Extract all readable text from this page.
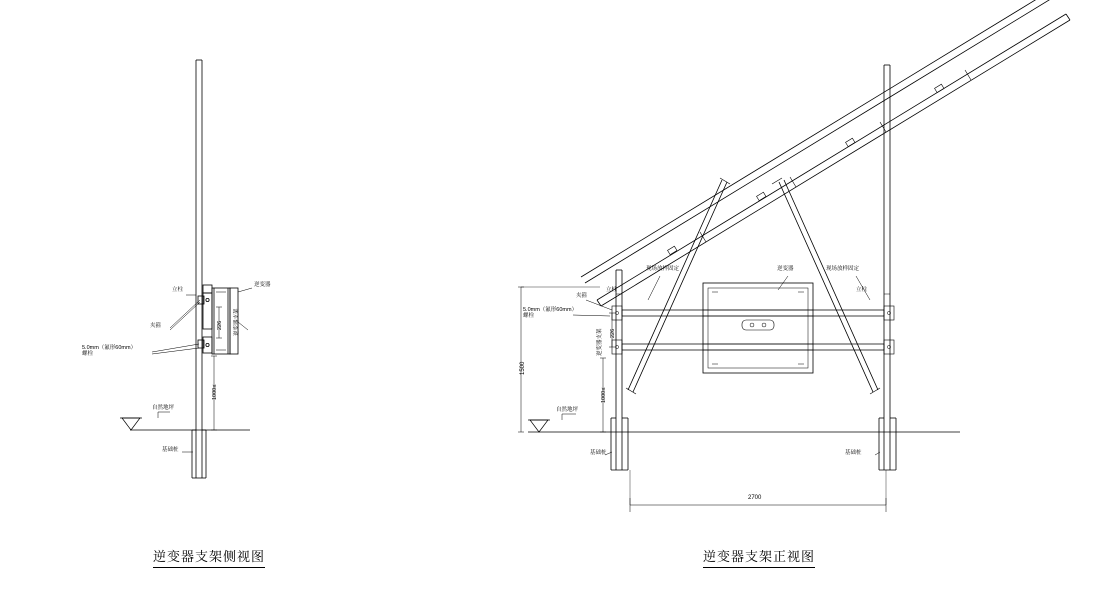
立柱
逆变器
夹箍
5.0mm（氟形60mm）
螺栓
逆变器支架
226
1000≤
自然地坪
基础桩
现场放样固定	现场放样固定
逆变器
立柱	立柱
夹箍
5.0mm（氟形60mm）
螺栓
逆变器支架 226
1000≤
1500
2700
自然地坪
基础桩	基础桩
逆变器支架侧视图	逆变器支架正视图
